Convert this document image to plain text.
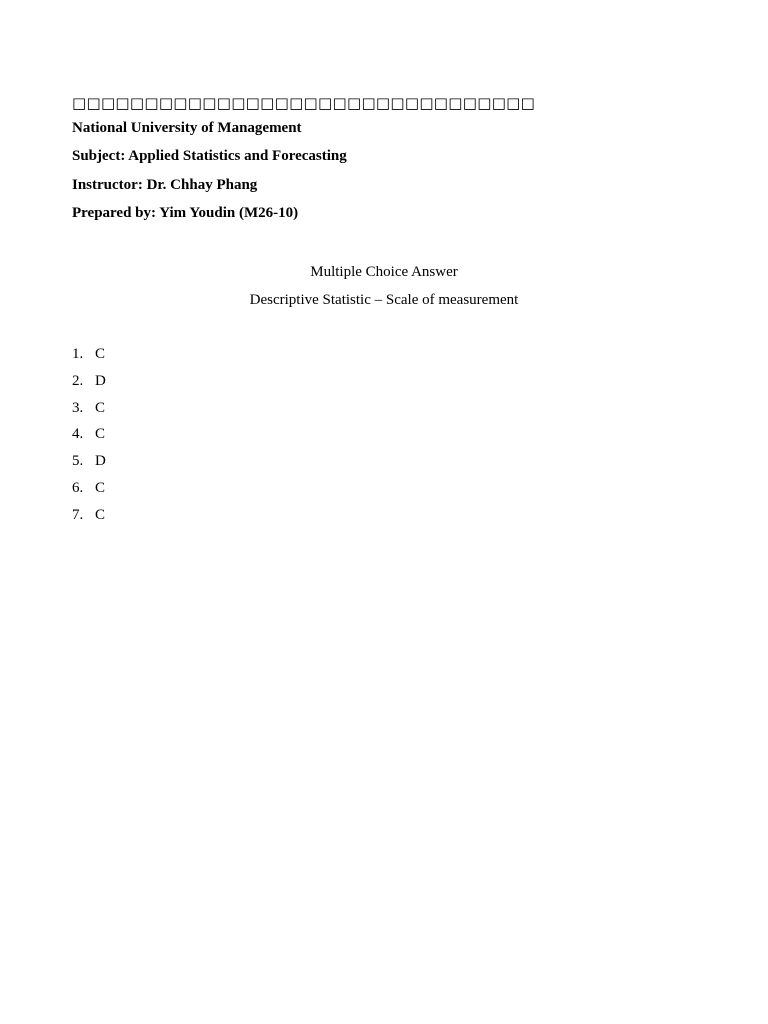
□□□□□□□□□□□□□□□□□□□□□□□□□□□□□□□□
National University of Management
Subject: Applied Statistics and Forecasting
Instructor: Dr. Chhay Phang
Prepared by: Yim Youdin (M26-10)
Multiple Choice Answer
Descriptive Statistic – Scale of measurement
1. C
2. D
3. C
4. C
5. D
6. C
7. C
